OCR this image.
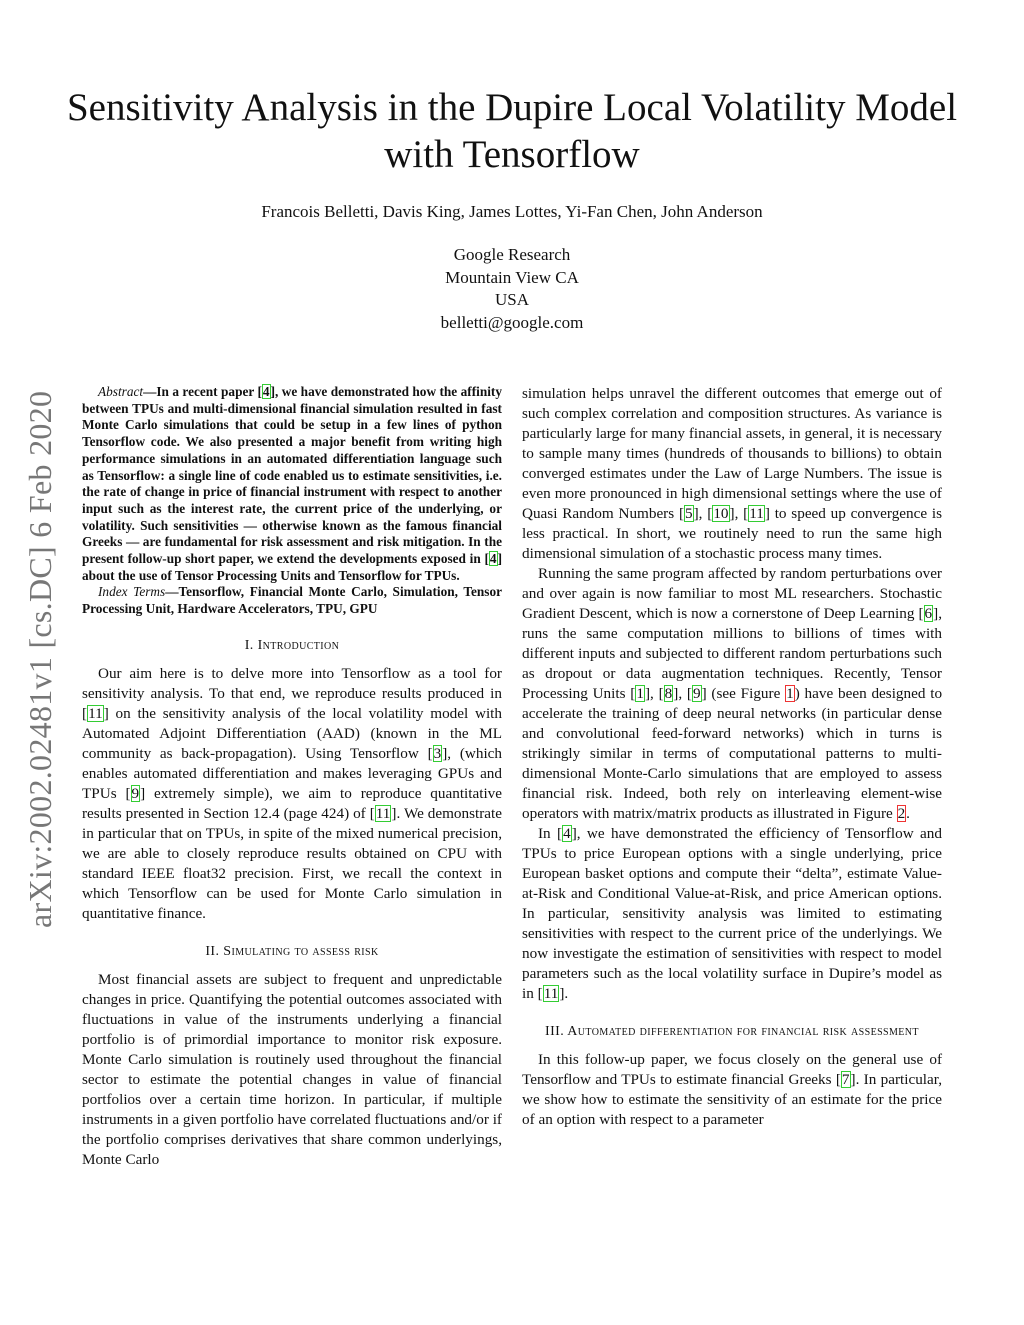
arXiv:2002.02481v1 [cs.DC] 6 Feb 2020
Sensitivity Analysis in the Dupire Local Volatility Model with Tensorflow
Francois Belletti, Davis King, James Lottes, Yi-Fan Chen, John Anderson
Google Research
Mountain View CA
USA
belletti@google.com

Abstract—In a recent paper [4], we have demonstrated how the affinity between TPUs and multi-dimensional financial simulation resulted in fast Monte Carlo simulations that could be setup in a few lines of python Tensorflow code. We also presented a major benefit from writing high performance simulations in an automated differentiation language such as Tensorflow: a single line of code enabled us to estimate sensitivities, i.e. the rate of change in price of financial instrument with respect to another input such as the interest rate, the current price of the underlying, or volatility. Such sensitivities — otherwise known as the famous financial Greeks — are fundamental for risk assessment and risk mitigation. In the present follow-up short paper, we extend the developments exposed in [4] about the use of Tensor Processing Units and Tensorflow for TPUs.

Index Terms—Tensorflow, Financial Monte Carlo, Simulation, Tensor Processing Unit, Hardware Accelerators, TPU, GPU

I. Introduction

Our aim here is to delve more into Tensorflow as a tool for sensitivity analysis. To that end, we reproduce results produced in [11] on the sensitivity analysis of the local volatility model with Automated Adjoint Differentiation (AAD) (known in the ML community as back-propagation). Using Tensorflow [3], (which enables automated differentiation and makes leveraging GPUs and TPUs [9] extremely simple), we aim to reproduce quantitative results presented in Section 12.4 (page 424) of [11]. We demonstrate in particular that on TPUs, in spite of the mixed numerical precision, we are able to closely reproduce results obtained on CPU with standard IEEE float32 precision. First, we recall the context in which Tensorflow can be used for Monte Carlo simulation in quantitative finance.

II. Simulating to assess risk

Most financial assets are subject to frequent and unpredictable changes in price. Quantifying the potential outcomes associated with fluctuations in value of the instruments underlying a financial portfolio is of primordial importance to monitor risk exposure. Monte Carlo simulation is routinely used throughout the financial sector to estimate the potential changes in value of financial portfolios over a certain time horizon. In particular, if multiple instruments in a given portfolio have correlated fluctuations and/or if the portfolio comprises derivatives that share common underlyings, Monte Carlo

simulation helps unravel the different outcomes that emerge out of such complex correlation and composition structures. As variance is particularly large for many financial assets, in general, it is necessary to sample many times (hundreds of thousands to billions) to obtain converged estimates under the Law of Large Numbers. The issue is even more pronounced in high dimensional settings where the use of Quasi Random Numbers [5], [10], [11] to speed up convergence is less practical. In short, we routinely need to run the same high dimensional simulation of a stochastic process many times.

Running the same program affected by random perturbations over and over again is now familiar to most ML researchers. Stochastic Gradient Descent, which is now a cornerstone of Deep Learning [6], runs the same computation millions to billions of times with different inputs and subjected to different random perturbations such as dropout or data augmentation techniques. Recently, Tensor Processing Units [1], [8], [9] (see Figure 1) have been designed to accelerate the training of deep neural networks (in particular dense and convolutional feed-forward networks) which in turns is strikingly similar in terms of computational patterns to multi-dimensional Monte-Carlo simulations that are employed to assess financial risk. Indeed, both rely on interleaving element-wise operators with matrix/matrix products as illustrated in Figure 2.

In [4], we have demonstrated the efficiency of Tensorflow and TPUs to price European options with a single underlying, price European basket options and compute their “delta”, estimate Value-at-Risk and Conditional Value-at-Risk, and price American options. In particular, sensitivity analysis was limited to estimating sensitivities with respect to the current price of the underlyings. We now investigate the estimation of sensitivities with respect to model parameters such as the local volatility surface in Dupire’s model as in [11].

III. Automated differentiation for financial risk assessment

In this follow-up paper, we focus closely on the general use of Tensorflow and TPUs to estimate financial Greeks [7]. In particular, we show how to estimate the sensitivity of an estimate for the price of an option with respect to a parameter
